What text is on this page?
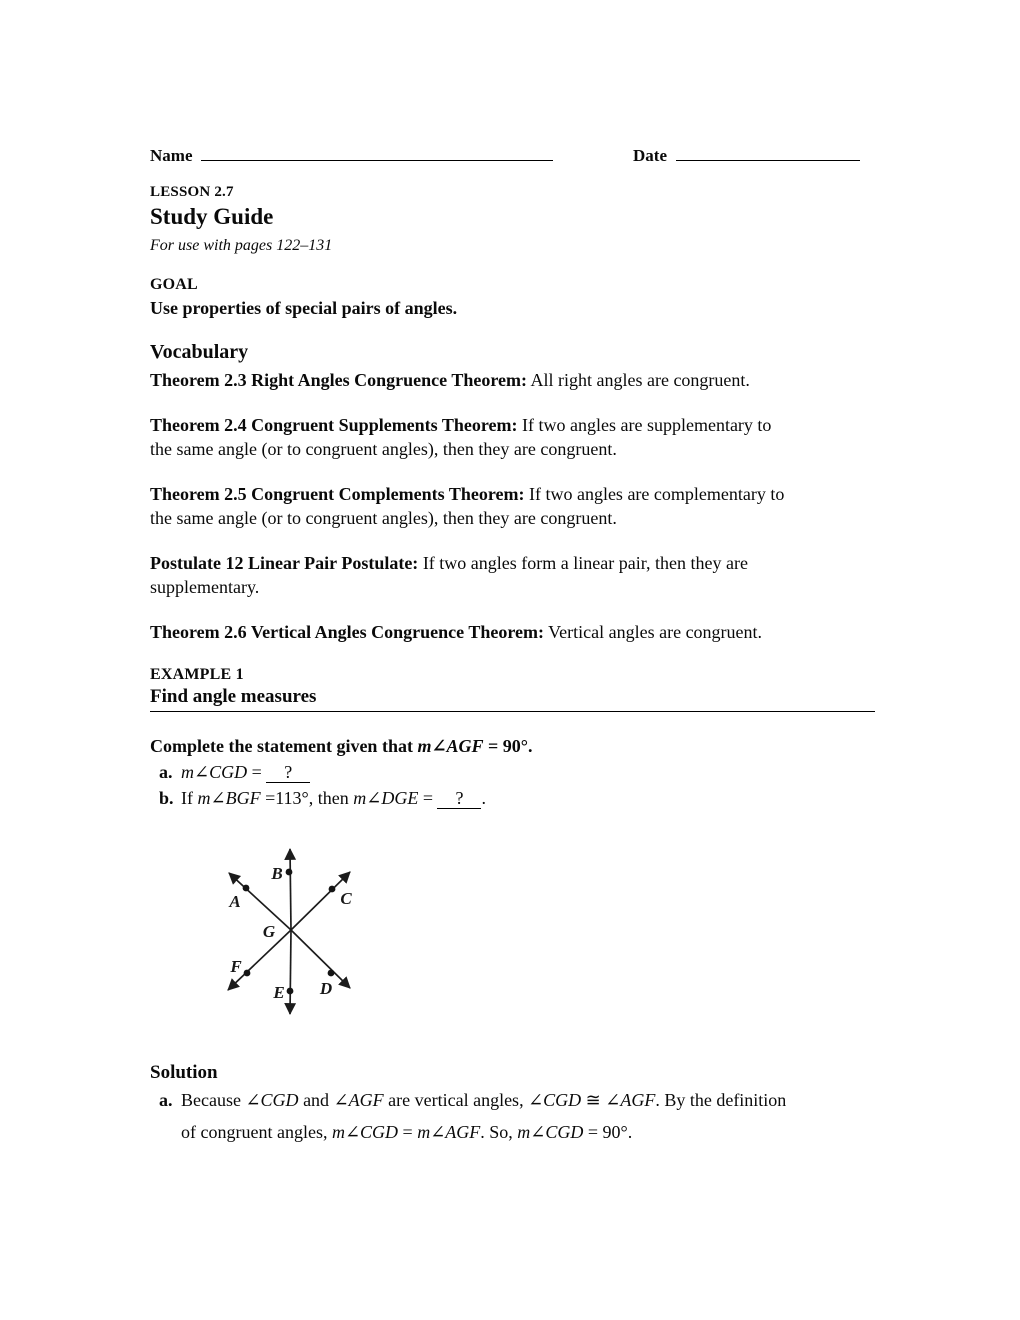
Name	Date
LESSON 2.7
Study Guide
For use with pages 122–131
GOAL
Use properties of special pairs of angles.
Vocabulary
Theorem 2.3 Right Angles Congruence Theorem: All right angles are congruent.
Theorem 2.4 Congruent Supplements Theorem: If two angles are supplementary to
the same angle (or to congruent angles), then they are congruent.
Theorem 2.5 Congruent Complements Theorem: If two angles are complementary to
the same angle (or to congruent angles), then they are congruent.
Postulate 12 Linear Pair Postulate: If two angles form a linear pair, then they are
supplementary.
Theorem 2.6 Vertical Angles Congruence Theorem: Vertical angles are congruent.
EXAMPLE 1
Find angle measures
Complete the statement given that m∠AGF = 90°.
a. m∠CGD = ?
b. If m∠BGF =113°, then m∠DGE = ? .
B
A	C
G
F
E D
Solution
a. Because ∠CGD and ∠AGF are vertical angles, ∠CGD ≅ ∠AGF. By the definition
of congruent angles, m∠CGD = m∠AGF. So, m∠CGD = 90°.
